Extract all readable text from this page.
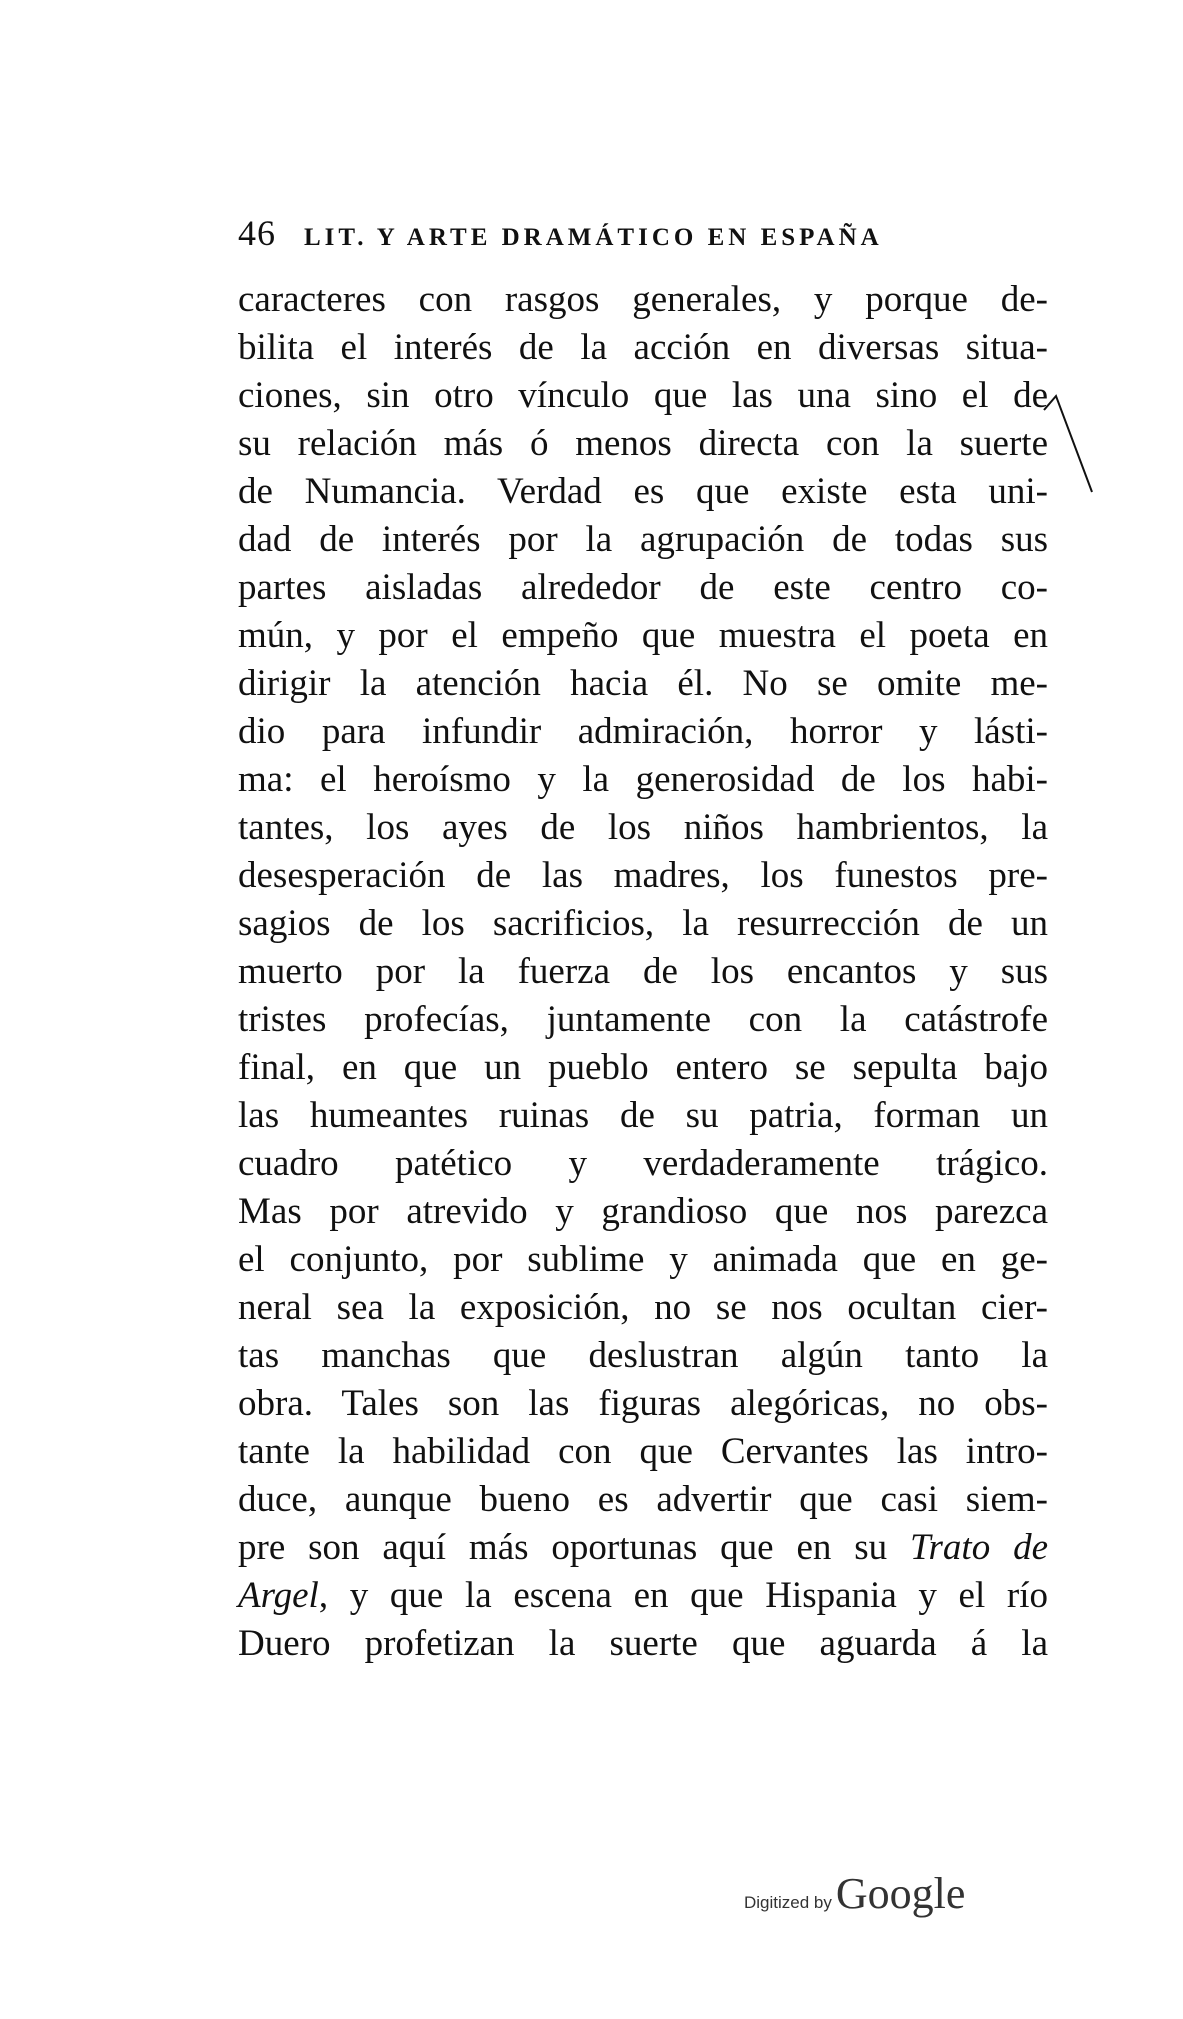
46 LIT. Y ARTE DRAMÁTICO EN ESPAÑA
caracteres con rasgos generales, y porque de-
bilita el interés de la acción en diversas situa-
ciones, sin otro vínculo que las una sino el de
su relación más ó menos directa con la suerte
de Numancia. Verdad es que existe esta uni-
dad de interés por la agrupación de todas sus
partes aisladas alrededor de este centro co-
mún, y por el empeño que muestra el poeta en
dirigir la atención hacia él. No se omite me-
dio para infundir admiración, horror y lásti-
ma: el heroísmo y la generosidad de los habi-
tantes, los ayes de los niños hambrientos, la
desesperación de las madres, los funestos pre-
sagios de los sacrificios, la resurrección de un
muerto por la fuerza de los encantos y sus
tristes profecías, juntamente con la catástrofe
final, en que un pueblo entero se sepulta bajo
las humeantes ruinas de su patria, forman un
cuadro patético y verdaderamente trágico.
Mas por atrevido y grandioso que nos parezca
el conjunto, por sublime y animada que en ge-
neral sea la exposición, no se nos ocultan cier-
tas manchas que deslustran algún tanto la
obra. Tales son las figuras alegóricas, no obs-
tante la habilidad con que Cervantes las intro-
duce, aunque bueno es advertir que casi siem-
pre son aquí más oportunas que en su Trato de
Argel, y que la escena en que Hispania y el río
Duero profetizan la suerte que aguarda á la
Digitized by Google
